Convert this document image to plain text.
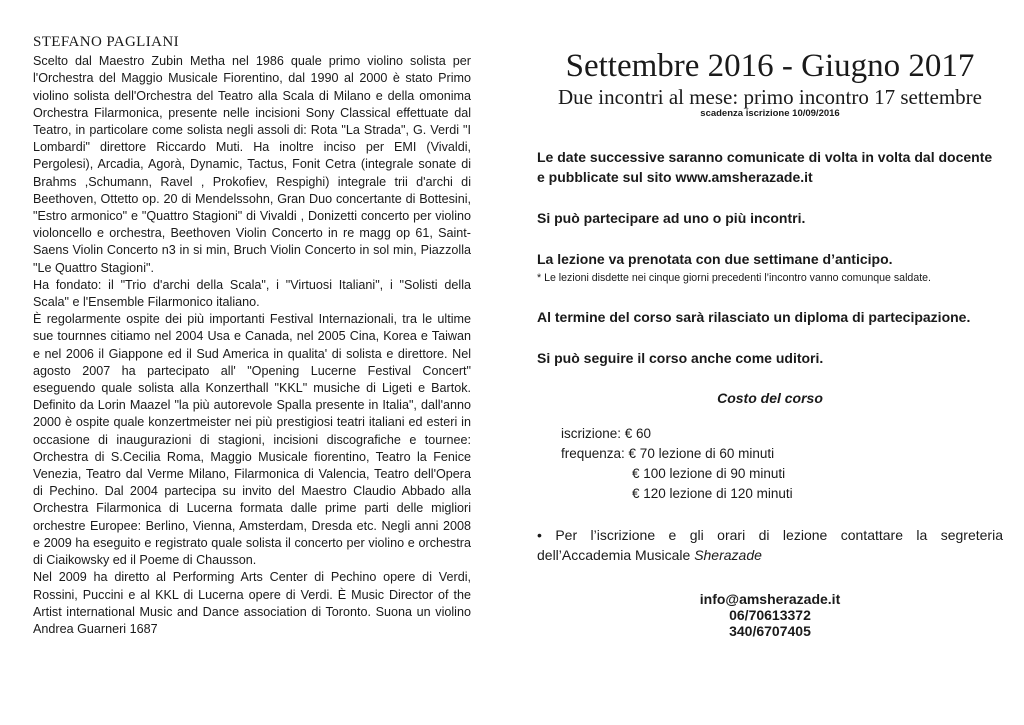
STEFANO PAGLIANI

Scelto dal Maestro Zubin Metha nel 1986 quale primo violino solista per l'Orchestra del Maggio Musicale Fiorentino, dal 1990 al 2000 è stato Primo violino solista dell'Orchestra del Teatro alla Scala di Milano e della omonima Orchestra Filarmonica, presente nelle incisioni Sony Classical effettuate dal Teatro, in particolare come solista negli assoli di: Rota "La Strada", G. Verdi "I Lombardi" direttore Riccardo Muti. Ha inoltre inciso per EMI (Vivaldi, Pergolesi), Arcadia, Agorà, Dynamic, Tactus, Fonit Cetra (integrale sonate di Brahms ,Schumann, Ravel , Prokofiev, Respighi) integrale trii d'archi di Beethoven, Ottetto op. 20 di Mendelssohn, Gran Duo concertante di Bottesini, "Estro armonico" e "Quattro Stagioni" di Vivaldi , Donizetti concerto per violino violoncello e orchestra, Beethoven Violin Concerto in re magg op 61, Saint-Saens Violin Concerto n3 in si min, Bruch Violin Concerto in sol min, Piazzolla "Le Quattro Stagioni".

Ha fondato: il "Trio d'archi della Scala", i "Virtuosi Italiani", i "Solisti della Scala" e l'Ensemble Filarmonico italiano.

È regolarmente ospite dei più importanti Festival Internazionali, tra le ultime sue tournnes citiamo nel 2004 Usa e Canada, nel 2005 Cina, Korea e Taiwan e nel 2006 il Giappone ed il Sud America in qualita' di solista e direttore. Nel agosto 2007 ha partecipato all' "Opening Lucerne Festival Concert" eseguendo quale solista alla Konzerthall "KKL" musiche di Ligeti e Bartok. Definito da Lorin Maazel "la più autorevole Spalla presente in Italia", dall'anno 2000 è ospite quale konzertmeister nei più prestigiosi teatri italiani ed esteri in occasione di inaugurazioni di stagioni, incisioni discografiche e tournee: Orchestra di S.Cecilia Roma, Maggio Musicale fiorentino, Teatro la Fenice Venezia, Teatro dal Verme Milano, Filarmonica di Valencia, Teatro dell'Opera di Pechino. Dal 2004 partecipa su invito del Maestro Claudio Abbado alla Orchestra Filarmonica di Lucerna formata dalle prime parti delle migliori orchestre Europee: Berlino, Vienna, Amsterdam, Dresda etc. Negli anni 2008 e 2009 ha eseguito e registrato quale solista il concerto per violino e orchestra di Ciaikowsky ed il Poeme di Chausson.

Nel 2009 ha diretto al Performing Arts Center di Pechino opere di Verdi, Rossini, Puccini e al KKL di Lucerna opere di Verdi. È Music Director of the Artist international Music and Dance association di Toronto. Suona un violino Andrea Guarneri 1687

Settembre 2016 - Giugno 2017
Due incontri al mese: primo incontro 17 settembre
scadenza iscrizione 10/09/2016

Le date successive saranno comunicate di volta in volta dal docente e pubblicate sul sito www.amsherazade.it

Si può partecipare ad uno o più incontri.

La lezione va prenotata con due settimane d’anticipo.

* Le lezioni disdette nei cinque giorni precedenti l’incontro vanno comunque saldate.

Al termine del corso sarà rilasciato un diploma di partecipazione.

Si può seguire il corso anche come uditori.

Costo del corso

iscrizione: € 60

frequenza: € 70 lezione di 60 minuti

€ 100 lezione di 90 minuti

€ 120 lezione di 120 minuti

• Per l’iscrizione e gli orari di lezione contattare la segreteria dell’Accademia Musicale Sherazade

info@amsherazade.it
06/70613372
340/6707405
